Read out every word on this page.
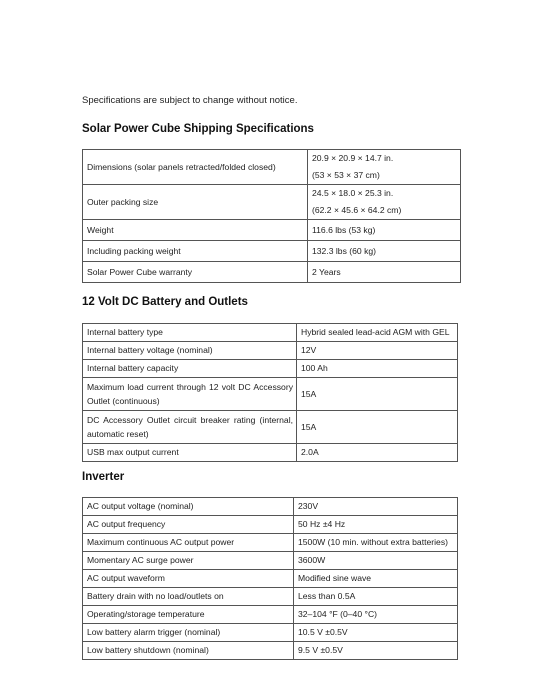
Specifications are subject to change without notice.
Solar Power Cube Shipping Specifications
Dimensions (solar panels retracted/folded closed)	20.9 × 20.9 × 14.7 in.
(53 × 53 × 37 cm)

Outer packing size	24.5 × 18.0 × 25.3 in.
(62.2 × 45.6 × 64.2 cm)

Weight	116.6 lbs (53 kg)
Including packing weight	132.3 lbs (60 kg)
Solar Power Cube warranty	2 Years
12 Volt DC Battery and Outlets
Internal battery type	Hybrid sealed lead-acid AGM with GEL
Internal battery voltage (nominal)	12V
Internal battery capacity	100 Ah
Maximum load current through 12 volt DC Accessory Outlet (continuous)	15A
DC Accessory Outlet circuit breaker rating (internal, automatic reset)	15A
USB max output current	2.0A
Inverter
AC output voltage (nominal)	230V
AC output frequency	50 Hz ±4 Hz
Maximum continuous AC output power	1500W (10 min. without extra batteries)
Momentary AC surge power	3600W
AC output waveform	Modified sine wave
Battery drain with no load/outlets on	Less than 0.5A
Operating/storage temperature	32–104 °F (0–40 °C)
Low battery alarm trigger (nominal)	10.5 V ±0.5V
Low battery shutdown (nominal)	9.5 V ±0.5V
